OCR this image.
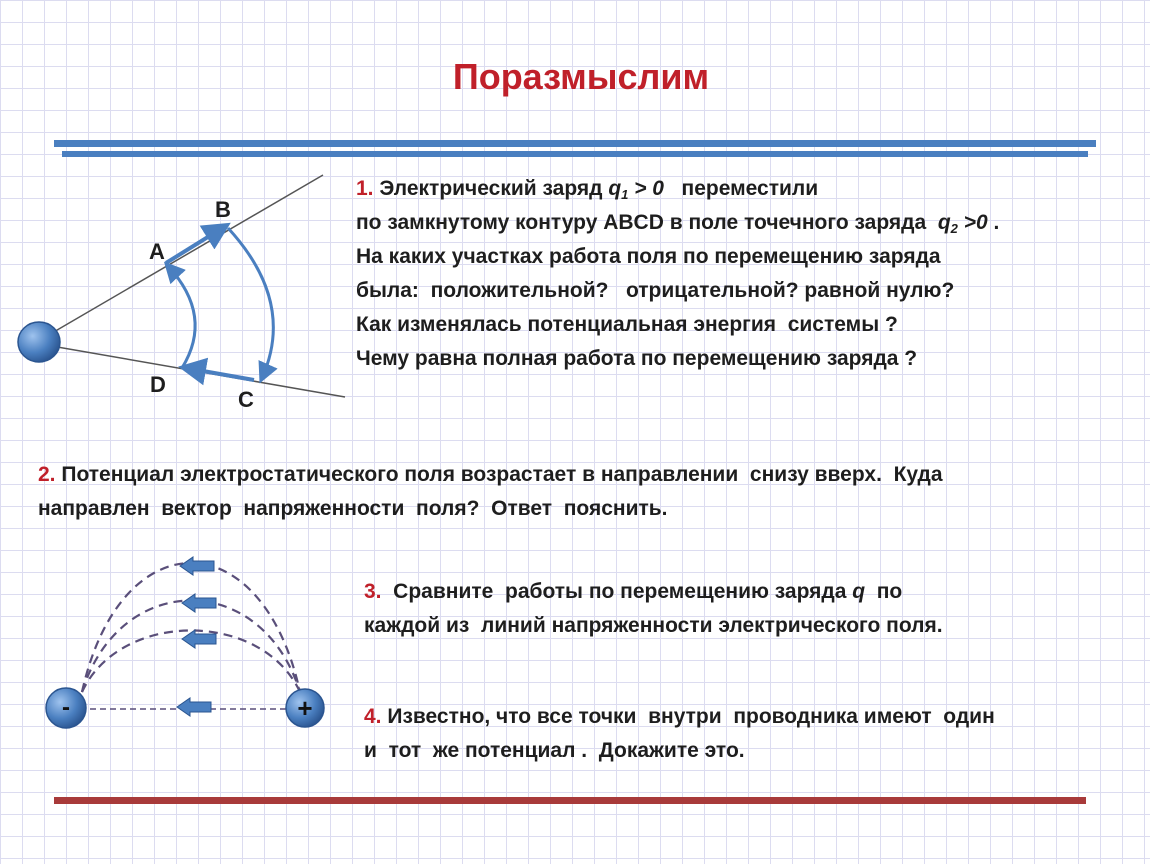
Поразмыслим
A
B
C
D
-	+
1. Электрический заряд $q_1 > 0$   переместили
по замкнутому контуру ABCD в поле точечного заряда  $q_2 >0$ .
На каких участках работа поля по перемещению заряда
была:  положительной?   отрицательной? равной нулю?
Как изменялась потенциальная энергия  системы ?
Чему равна полная работа по перемещению заряда ?
2. Потенциал электростатического поля возрастает в направлении  снизу вверх.  Куда
направлен  вектор  напряженности  поля?  Ответ  пояснить.
3.  Сравните  работы по перемещению заряда q  по
каждой из  линий напряженности электрического поля.
4. Известно, что все точки  внутри  проводника имеют  один
и  тот  же потенциал .  Докажите это.
